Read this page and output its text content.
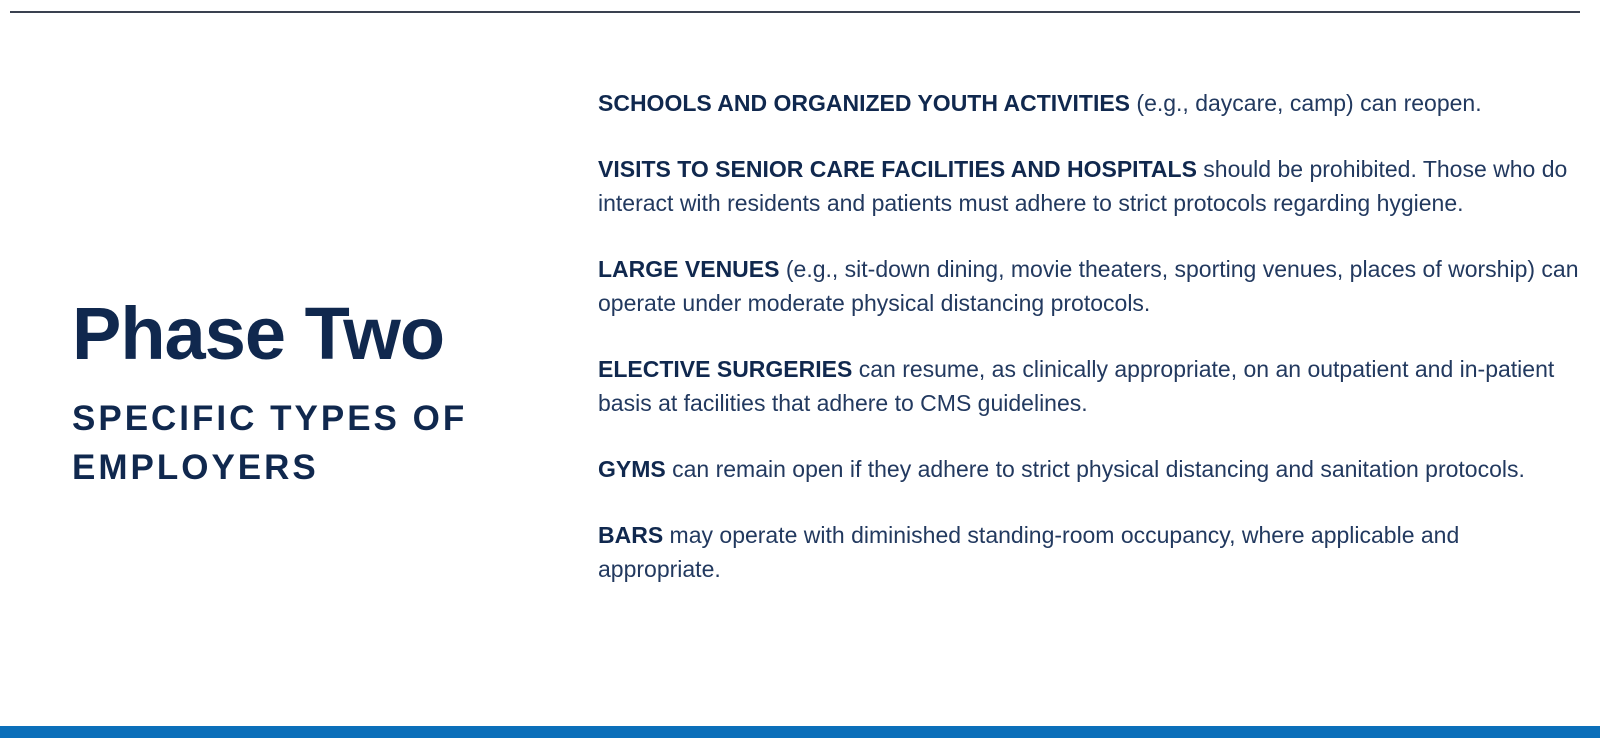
Phase Two
SPECIFIC TYPES OF EMPLOYERS

SCHOOLS AND ORGANIZED YOUTH ACTIVITIES (e.g., daycare, camp) can reopen.

VISITS TO SENIOR CARE FACILITIES AND HOSPITALS should be prohibited. Those who do interact with residents and patients must adhere to strict protocols regarding hygiene.

LARGE VENUES (e.g., sit-down dining, movie theaters, sporting venues, places of worship) can operate under moderate physical distancing protocols.

ELECTIVE SURGERIES can resume, as clinically appropriate, on an outpatient and in-patient basis at facilities that adhere to CMS guidelines.

GYMS can remain open if they adhere to strict physical distancing and sanitation protocols.

BARS may operate with diminished standing-room occupancy, where applicable and appropriate.
